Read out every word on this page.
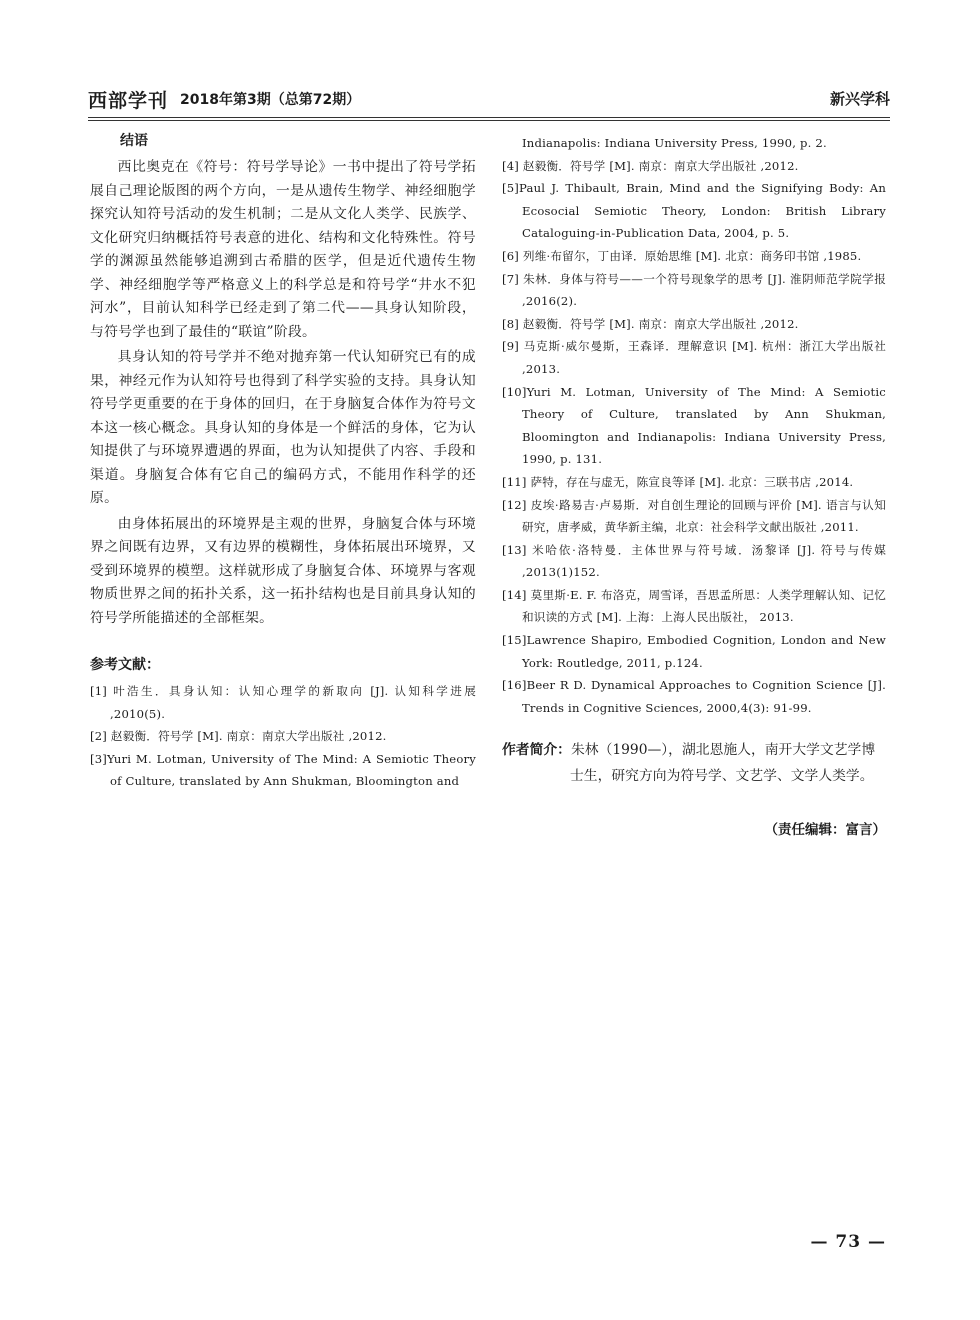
西部学刊 2018年第3期（总第72期）	新兴学科
结语

西比奥克在《符号：符号学导论》一书中提出了符号学拓展自己理论版图的两个方向，一是从遗传生物学、神经细胞学探究认知符号活动的发生机制；二是从文化人类学、民族学、文化研究归纳概括符号表意的进化、结构和文化特殊性。符号学的渊源虽然能够追溯到古希腊的医学，但是近代遗传生物学、神经细胞学等严格意义上的科学总是和符号学“井水不犯河水”，目前认知科学已经走到了第二代——具身认知阶段，与符号学也到了最佳的“联谊”阶段。

具身认知的符号学并不绝对抛弃第一代认知研究已有的成果，神经元作为认知符号也得到了科学实验的支持。具身认知符号学更重要的在于身体的回归，在于身脑复合体作为符号文本这一核心概念。具身认知的身体是一个鲜活的身体，它为认知提供了与环境界遭遇的界面，也为认知提供了内容、手段和渠道。身脑复合体有它自己的编码方式，不能用作科学的还原。

由身体拓展出的环境界是主观的世界，身脑复合体与环境界之间既有边界，又有边界的模糊性，身体拓展出环境界，又受到环境界的模塑。这样就形成了身脑复合体、环境界与客观物质世界之间的拓扑关系，这一拓扑结构也是目前具身认知的符号学所能描述的全部框架。

参考文献：
[1] 叶浩生．具身认知：认知心理学的新取向 [J]. 认知科学进展 ,2010(5).
[2] 赵毅衡．符号学 [M]. 南京：南京大学出版社 ,2012.
[3]Yuri M. Lotman, University of The Mind: A Semiotic Theory of Culture, translated by Ann Shukman, Bloomington and
Indianapolis: Indiana University Press, 1990, p. 2.
[4] 赵毅衡．符号学 [M]. 南京：南京大学出版社 ,2012.
[5]Paul J. Thibault, Brain, Mind and the Signifying Body: An Ecosocial Semiotic Theory, London: British Library Cataloguing-in-Publication Data, 2004, p. 5.
[6] 列维·布留尔，丁由译．原始思维 [M]. 北京：商务印书馆 ,1985.
[7] 朱林．身体与符号——一个符号现象学的思考 [J]. 淮阴师范学院学报 ,2016(2).
[8] 赵毅衡．符号学 [M]. 南京：南京大学出版社 ,2012.
[9] 马克斯·威尔曼斯，王森译．理解意识 [M]. 杭州：浙江大学出版社 ,2013.
[10]Yuri M. Lotman, University of The Mind: A Semiotic Theory of Culture, translated by Ann Shukman, Bloomington and Indianapolis: Indiana University Press, 1990, p. 131.
[11] 萨特，存在与虚无，陈宣良等译 [M]. 北京：三联书店 ,2014.
[12] 皮埃·路易吉·卢易斯．对自创生理论的回顾与评价 [M]. 语言与认知研究，唐孝威，黄华新主编，北京：社会科学文献出版社 ,2011.
[13] 米哈依·洛特曼．主体世界与符号域．汤黎译 [J]. 符号与传媒 ,2013(1)152.
[14] 莫里斯·E. F. 布洛克，周雪译，吾思孟所思：人类学理解认知、记忆和识读的方式 [M]. 上海：上海人民出版社， 2013.
[15]Lawrence Shapiro, Embodied Cognition, London and New York: Routledge, 2011, p.124.
[16]Beer R D. Dynamical Approaches to Cognition Science [J]. Trends in Cognitive Sciences, 2000,4(3): 91-99.
作者简介： 朱林（1990—），湖北恩施人，南开大学文艺学博士生，研究方向为符号学、文艺学、文学人类学。
（责任编辑：富言）
— 73 —
